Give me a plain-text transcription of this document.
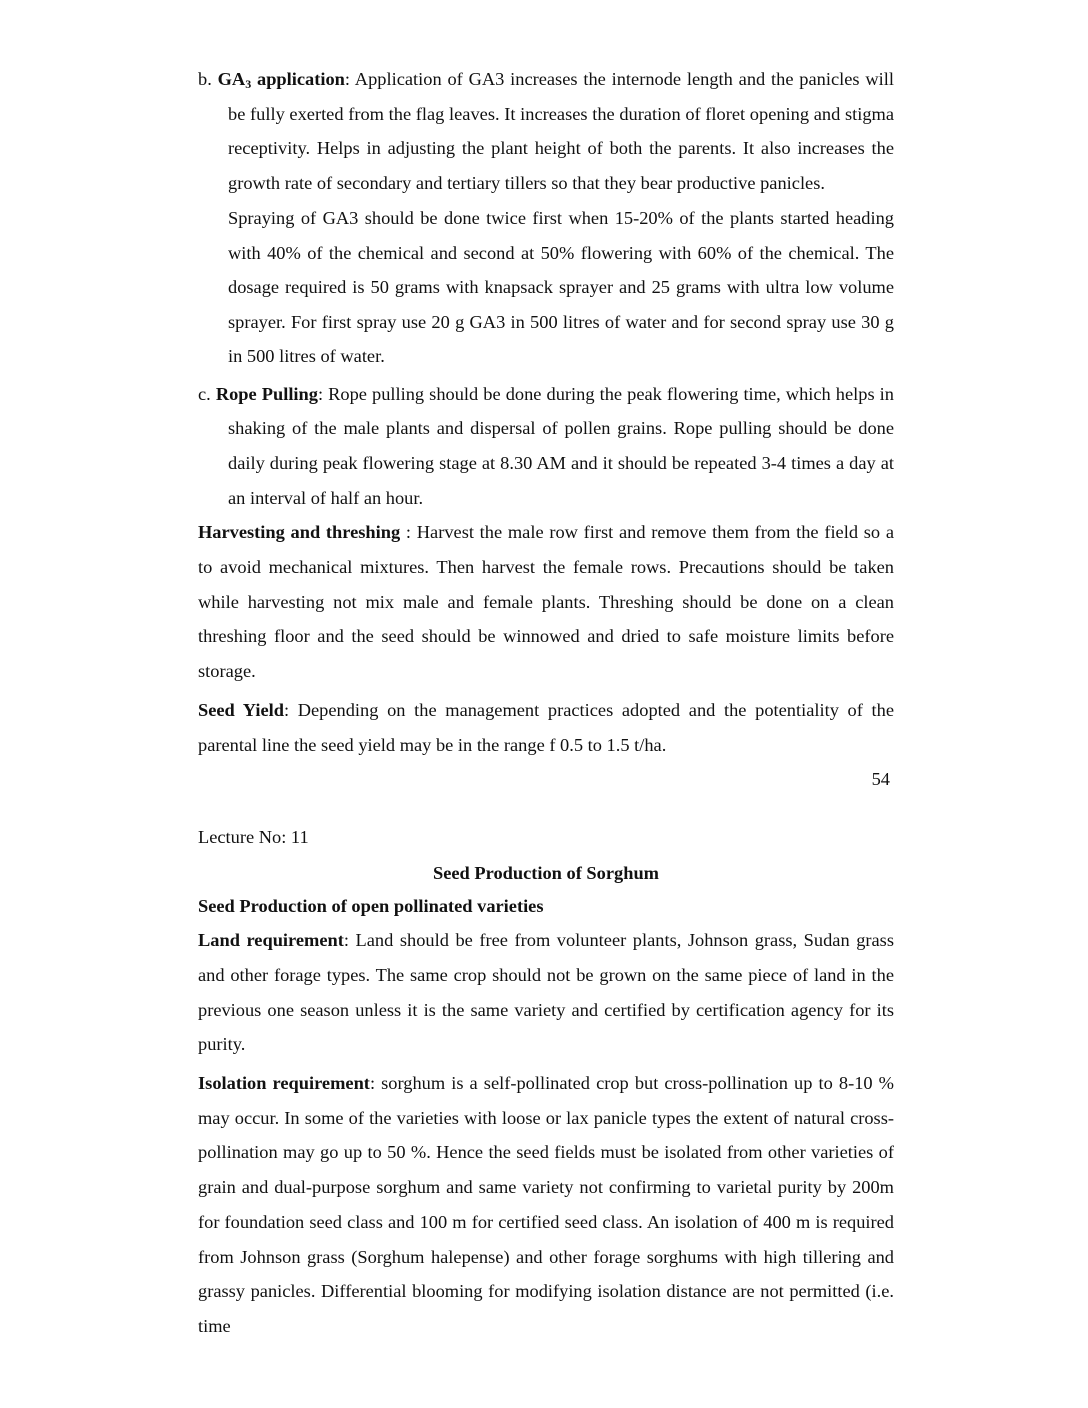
b. $GA_3$ application: Application of GA3 increases the internode length and the panicles will be fully exerted from the flag leaves. It increases the duration of floret opening and stigma receptivity. Helps in adjusting the plant height of both the parents. It also increases the growth rate of secondary and tertiary tillers so that they bear productive panicles.

Spraying of GA3 should be done twice first when 15-20% of the plants started heading with 40% of the chemical and second at 50% flowering with 60% of the chemical. The dosage required is 50 grams with knapsack sprayer and 25 grams with ultra low volume sprayer. For first spray use 20 g GA3 in 500 litres of water and for second spray use 30 g in 500 litres of water.

c. Rope Pulling: Rope pulling should be done during the peak flowering time, which helps in shaking of the male plants and dispersal of pollen grains. Rope pulling should be done daily during peak flowering stage at 8.30 AM and it should be repeated 3-4 times a day at an interval of half an hour.

Harvesting and threshing : Harvest the male row first and remove them from the field so a to avoid mechanical mixtures. Then harvest the female rows. Precautions should be taken while harvesting not mix male and female plants. Threshing should be done on a clean threshing floor and the seed should be winnowed and dried to safe moisture limits before storage.

Seed Yield: Depending on the management practices adopted and the potentiality of the parental line the seed yield may be in the range f 0.5 to 1.5 t/ha.

54

Lecture No: 11

Seed Production of Sorghum

Seed Production of open pollinated varieties

Land requirement: Land should be free from volunteer plants, Johnson grass, Sudan grass and other forage types. The same crop should not be grown on the same piece of land in the previous one season unless it is the same variety and certified by certification agency for its purity.

Isolation requirement: sorghum is a self-pollinated crop but cross-pollination up to 8-10 % may occur. In some of the varieties with loose or lax panicle types the extent of natural cross-pollination may go up to 50 %. Hence the seed fields must be isolated from other varieties of grain and dual-purpose sorghum and same variety not confirming to varietal purity by 200m for foundation seed class and 100 m for certified seed class. An isolation of 400 m is required from Johnson grass (Sorghum halepense) and other forage sorghums with high tillering and grassy panicles. Differential blooming for modifying isolation distance are not permitted (i.e. time
